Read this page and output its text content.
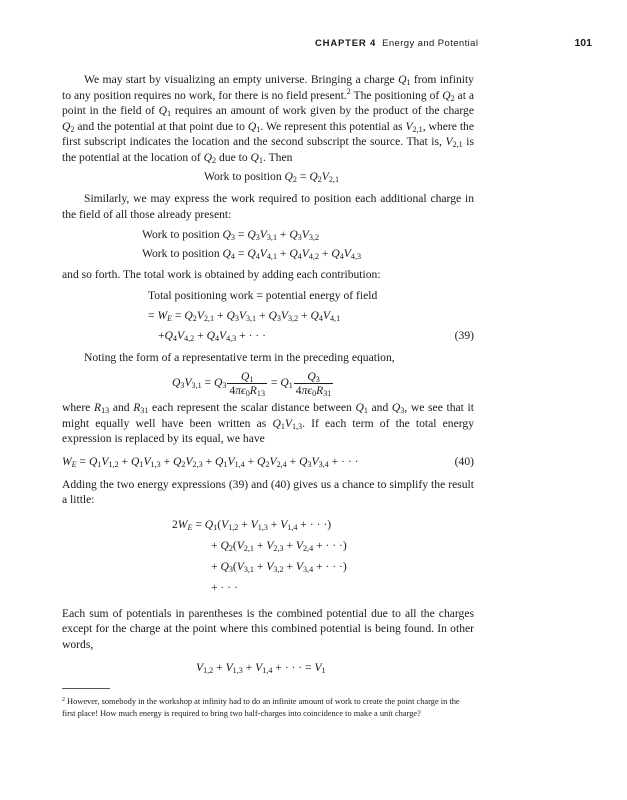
CHAPTER 4 Energy and Potential	101

We may start by visualizing an empty universe. Bringing a charge $Q_1$ from infinity to any position requires no work, for there is no field present.$^2$ The positioning of $Q_2$ at a point in the field of $Q_1$ requires an amount of work given by the product of the charge $Q_2$ and the potential at that point due to $Q_1$. We represent this potential as $V_{2,1}$, where the first subscript indicates the location and the second subscript the source. That is, $V_{2,1}$ is the potential at the location of $Q_2$ due to $Q_1$. Then

Work to position $Q_2 = Q_2V_{2,1}$

Similarly, we may express the work required to position each additional charge in the field of all those already present:

Work to position $Q_3 = Q_3V_{3,1} + Q_3V_{3,2}$
Work to position $Q_4 = Q_4V_{4,1} + Q_4V_{4,2} + Q_4V_{4,3}$

and so forth. The total work is obtained by adding each contribution:

Total positioning work = potential energy of field
= $W_E = Q_2V_{2,1} + Q_3V_{3,1} + Q_3V_{3,2} + Q_4V_{4,1}$
$+Q_4V_{4,2} + Q_4V_{4,3}$ + · · ·	(39)

Noting the form of a representative term in the preceding equation,

$Q_3V_{3,1} = Q_3 \frac{Q_1}{4\pi\epsilon_0R_{13}} = Q_1 \frac{Q_3}{4\pi\epsilon_0R_{31}}$

where $R_{13}$ and $R_{31}$ each represent the scalar distance between $Q_1$ and $Q_3$, we see that it might equally well have been written as $Q_1V_{1,3}$. If each term of the total energy expression is replaced by its equal, we have

$W_E = Q_1V_{1,2} + Q_1V_{1,3} + Q_2V_{2,3} + Q_1V_{1,4} + Q_2V_{2,4} + Q_3V_{3,4}$ + · · ·	(40)

Adding the two energy expressions (39) and (40) gives us a chance to simplify the result a little:

$2W_E = Q_1(V_{1,2} + V_{1,3} + V_{1,4}$ + · · ·)
+ $Q_2(V_{2,1} + V_{2,3} + V_{2,4}$ + · · ·)
+ $Q_3(V_{3,1} + V_{3,2} + V_{3,4}$ + · · ·)
+ · · ·

Each sum of potentials in parentheses is the combined potential due to all the charges except for the charge at the point where this combined potential is being found. In other words,

$V_{1,2} + V_{1,3} + V_{1,4}$ + · · · = $V_1$
$^2$ However, somebody in the workshop at infinity had to do an infinite amount of work to create the point charge in the first place! How much energy is required to bring two half-charges into coincidence to make a unit charge?
